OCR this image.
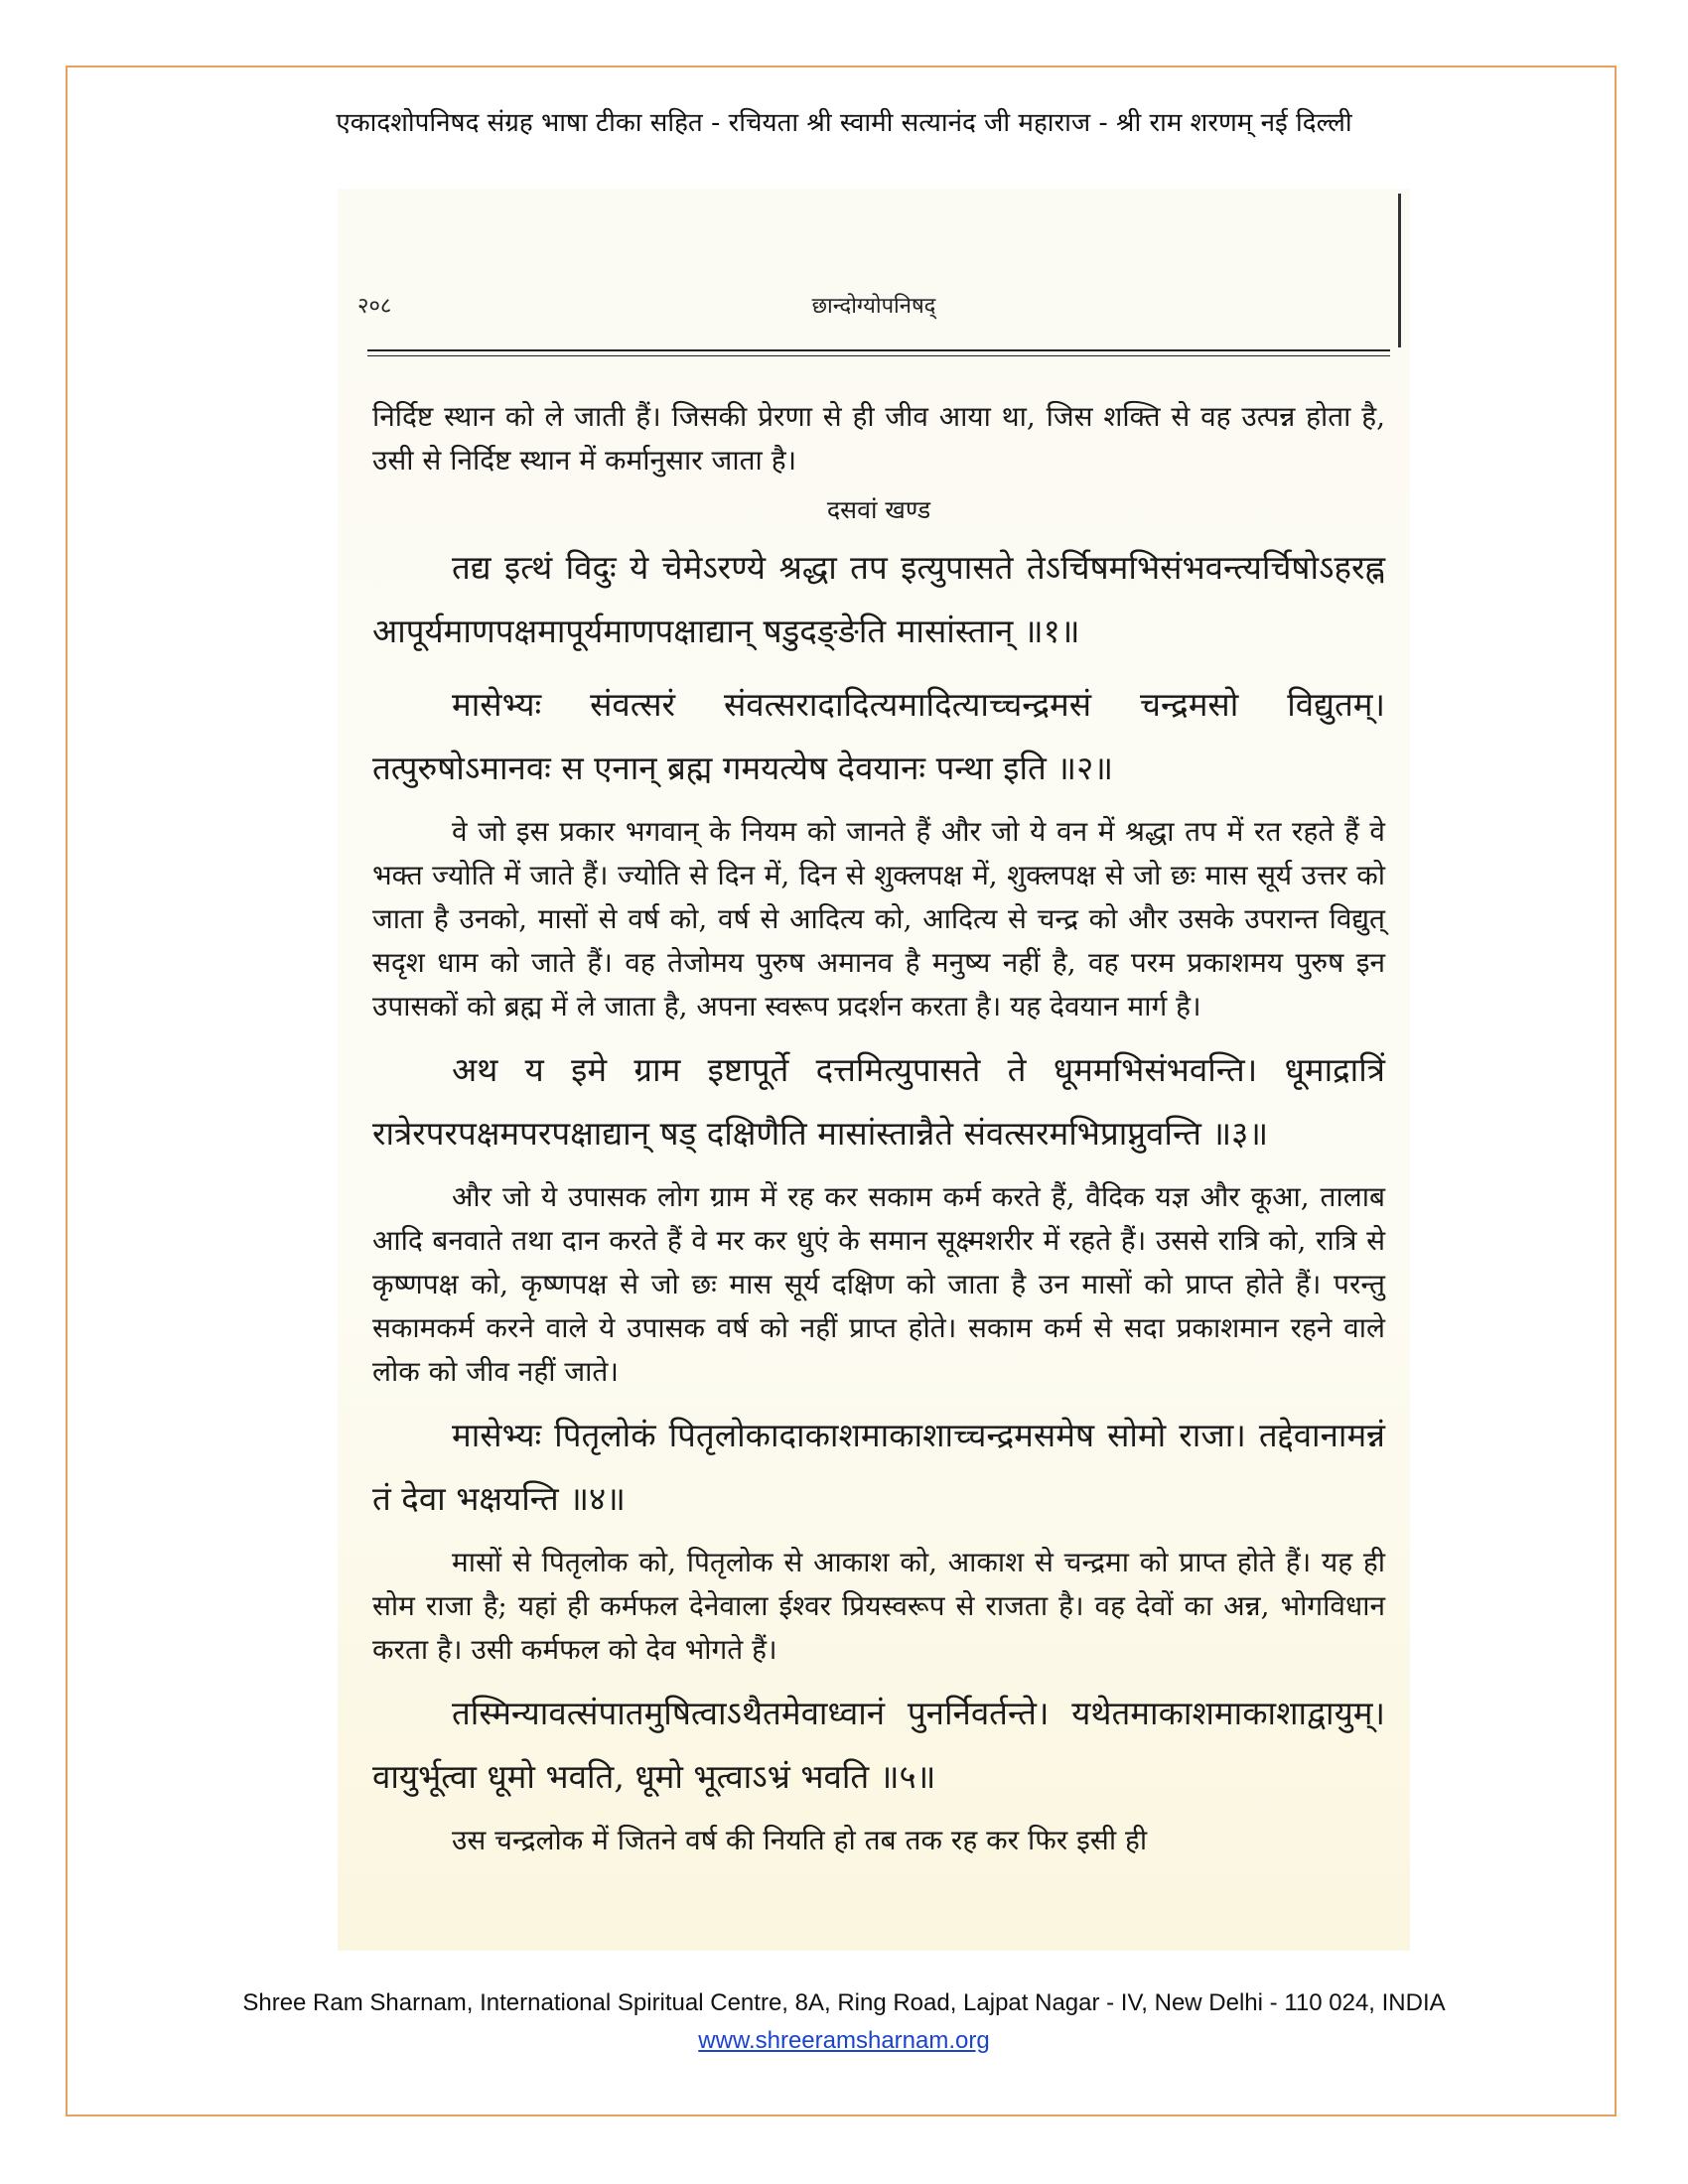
एकादशोपनिषद संग्रह भाषा टीका सहित - रचियता श्री स्वामी सत्यानंद जी महाराज - श्री राम शरणम् नई दिल्ली
२०८	छान्दोग्योपनिषद्

निर्दिष्ट स्थान को ले जाती हैं। जिसकी प्रेरणा से ही जीव आया था, जिस शक्ति से वह उत्पन्न होता है, उसी से निर्दिष्ट स्थान में कर्मानुसार जाता है।

दसवां खण्ड

तद्य इत्थं विदुः ये चेमेऽरण्ये श्रद्धा तप इत्युपासते तेऽर्चिषमभिसंभवन्त्यर्चिषोऽहरह्न आपूर्यमाणपक्षमापूर्यमाणपक्षाद्यान् षडुदङ्ङेति मासांस्तान् ॥१॥

मासेभ्यः संवत्सरं संवत्सरादादित्यमादित्याच्चन्द्रमसं चन्द्रमसो विद्युतम्। तत्पुरुषोऽमानवः स एनान् ब्रह्म गमयत्येष देवयानः पन्था इति ॥२॥

वे जो इस प्रकार भगवान् के नियम को जानते हैं और जो ये वन में श्रद्धा तप में रत रहते हैं वे भक्त ज्योति में जाते हैं। ज्योति से दिन में, दिन से शुक्लपक्ष में, शुक्लपक्ष से जो छः मास सूर्य उत्तर को जाता है उनको, मासों से वर्ष को, वर्ष से आदित्य को, आदित्य से चन्द्र को और उसके उपरान्त विद्युत् सदृश धाम को जाते हैं। वह तेजोमय पुरुष अमानव है मनुष्य नहीं है, वह परम प्रकाशमय पुरुष इन उपासकों को ब्रह्म में ले जाता है, अपना स्वरूप प्रदर्शन करता है। यह देवयान मार्ग है।

अथ य इमे ग्राम इष्टापूर्ते दत्तमित्युपासते ते धूममभिसंभवन्ति। धूमाद्रात्रिं रात्रेरपरपक्षमपरपक्षाद्यान् षड् दक्षिणैति मासांस्तान्नैते संवत्सरमभिप्राप्नुवन्ति ॥३॥

और जो ये उपासक लोग ग्राम में रह कर सकाम कर्म करते हैं, वैदिक यज्ञ और कूआ, तालाब आदि बनवाते तथा दान करते हैं वे मर कर धुएं के समान सूक्ष्मशरीर में रहते हैं। उससे रात्रि को, रात्रि से कृष्णपक्ष को, कृष्णपक्ष से जो छः मास सूर्य दक्षिण को जाता है उन मासों को प्राप्त होते हैं। परन्तु सकामकर्म करने वाले ये उपासक वर्ष को नहीं प्राप्त होते। सकाम कर्म से सदा प्रकाशमान रहने वाले लोक को जीव नहीं जाते।

मासेभ्यः पितृलोकं पितृलोकादाकाशमाकाशाच्चन्द्रमसमेष सोमो राजा। तद्देवानामन्नं तं देवा भक्षयन्ति ॥४॥

मासों से पितृलोक को, पितृलोक से आकाश को, आकाश से चन्द्रमा को प्राप्त होते हैं। यह ही सोम राजा है; यहां ही कर्मफल देनेवाला ईश्वर प्रियस्वरूप से राजता है। वह देवों का अन्न, भोगविधान करता है। उसी कर्मफल को देव भोगते हैं।

तस्मिन्यावत्संपातमुषित्वाऽथैतमेवाध्वानं पुनर्निवर्तन्ते। यथेतमाकाशमाकाशाद्वायुम्। वायुर्भूत्वा धूमो भवति, धूमो भूत्वाऽभ्रं भवति ॥५॥

उस चन्द्रलोक में जितने वर्ष की नियति हो तब तक रह कर फिर इसी ही

Shree Ram Sharnam, International Spiritual Centre, 8A, Ring Road, Lajpat Nagar - IV, New Delhi - 110 024, INDIA
www.shreeramsharnam.org
